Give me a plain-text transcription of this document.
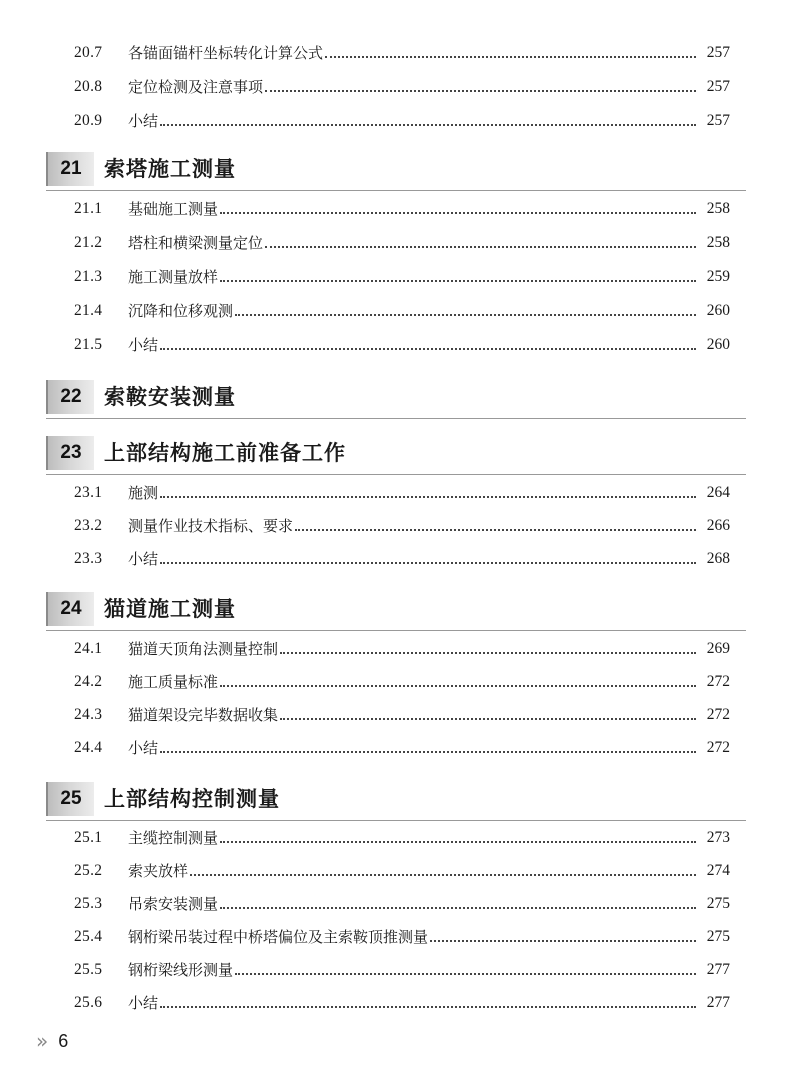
20.7	各锚面锚杆坐标转化计算公式	257
20.8	定位检测及注意事项	257
20.9	小结	257
21	索塔施工测量
21.1	基础施工测量	258
21.2	塔柱和横梁测量定位	258
21.3	施工测量放样	259
21.4	沉降和位移观测	260
21.5	小结	260
22	索鞍安装测量
23	上部结构施工前准备工作
23.1	施测	264
23.2	测量作业技术指标、要求	266
23.3	小结	268
24	猫道施工测量
24.1	猫道天顶角法测量控制	269
24.2	施工质量标准	272
24.3	猫道架设完毕数据收集	272
24.4	小结	272
25	上部结构控制测量
25.1	主缆控制测量	273
25.2	索夹放样	274
25.3	吊索安装测量	275
25.4	钢桁梁吊装过程中桥塔偏位及主索鞍顶推测量	275
25.5	钢桁梁线形测量	277
25.6	小结	277
» 6
